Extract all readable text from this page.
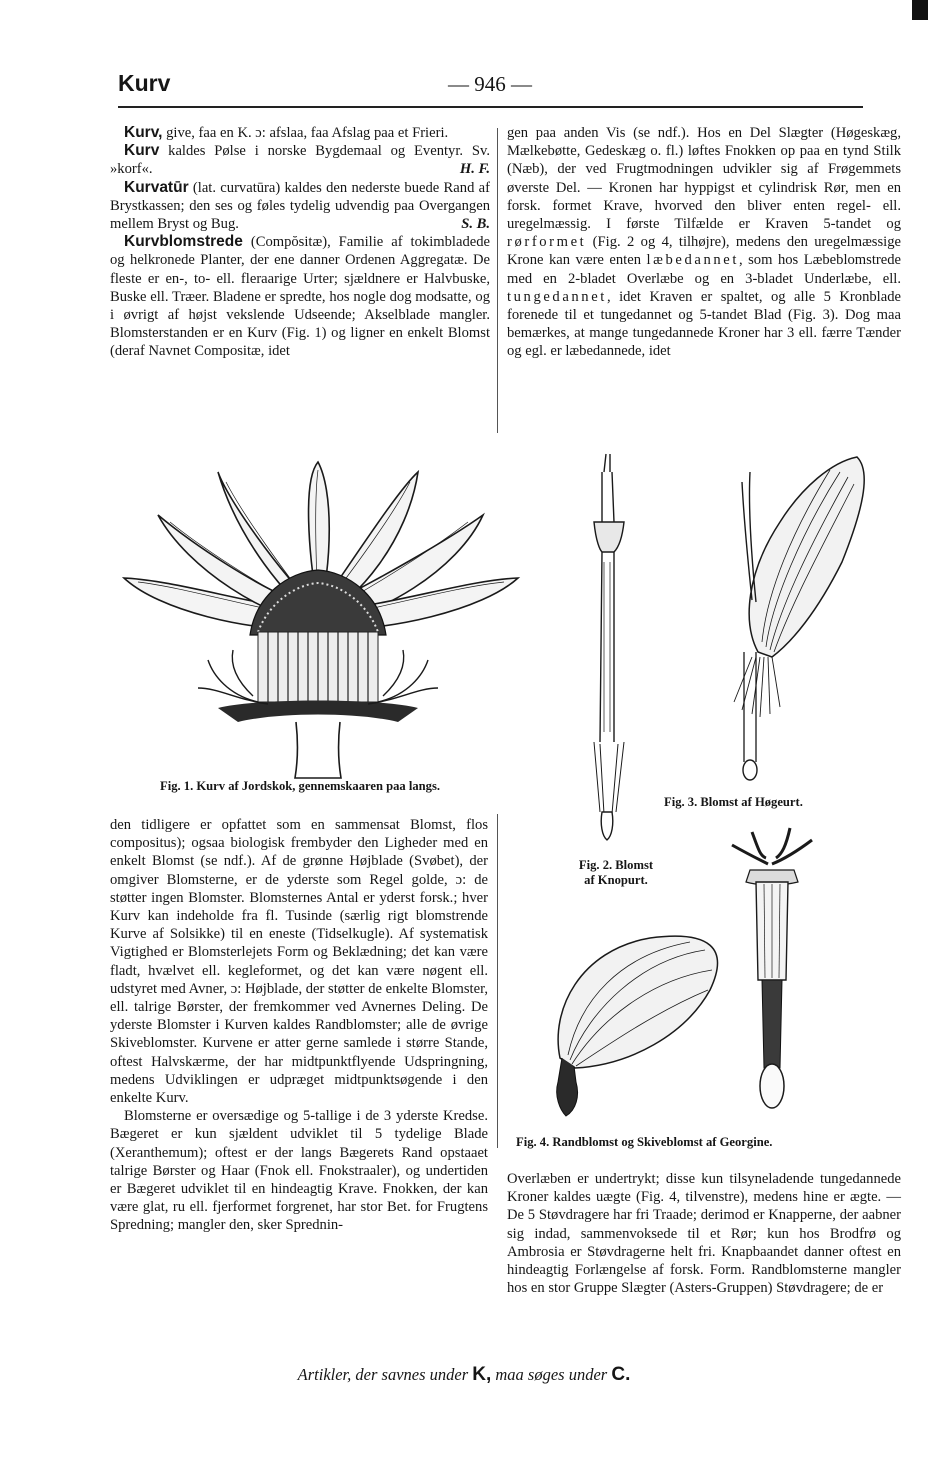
Kurv	— 946 —

Kurv, give, faa en K. ɔ: afslaa, faa Afslag paa et Frieri.

Kurv kaldes Pølse i norske Bygdemaal og Eventyr. Sv. »korf«.	H. F.

Kurvatūr (lat. curvatūra) kaldes den nederste buede Rand af Brystkassen; den ses og føles tydelig udvendig paa Overgangen mellem Bryst og Bug.	S. B.

Kurvblomstrede (Compŏsitæ), Familie af tokimbladede og helkronede Planter, der ene danner Ordenen Aggregatæ. De fleste er en-, to- ell. fleraarige Urter; sjældnere er Halvbuske, Buske ell. Træer. Bladene er spredte, hos nogle dog modsatte, og i øvrigt af højst vekslende Udseende; Akselblade mangler. Blomsterstanden er en Kurv (Fig. 1) og ligner en enkelt Blomst (deraf Navnet Compositæ, idet

gen paa anden Vis (se ndf.). Hos en Del Slægter (Høgeskæg, Mælkebøtte, Gedeskæg o. fl.) løftes Fnokken op paa en tynd Stilk (Næb), der ved Frugtmodningen udvikler sig af Frøgemmets øverste Del. — Kronen har hyppigst et cylindrisk Rør, men en forsk. formet Krave, hvorved den bliver enten regel- ell. uregelmæssig. I første Tilfælde er Kraven 5-tandet og rørformet (Fig. 2 og 4, tilhøjre), medens den uregelmæssige Krone kan være enten læbedannet, som hos Læbeblomstrede med en 2-bladet Overlæbe og en 3-bladet Underlæbe, ell. tungedannet, idet Kraven er spaltet, og alle 5 Kronblade forenede til et tungedannet og 5-tandet Blad (Fig. 3). Dog maa bemærkes, at mange tungedannede Kroner har 3 ell. færre Tænder og egl. er læbedannede, idet

Fig. 1. Kurv af Jordskok, gennemskaaren paa langs.
Fig. 2. Blomst af Knopurt.
Fig. 3. Blomst af Høgeurt.

den tidligere er opfattet som en sammensat Blomst, flos compositus); ogsaa biologisk frembyder den Ligheder med en enkelt Blomst (se ndf.). Af de grønne Højblade (Svøbet), der omgiver Blomsterne, er de yderste som Regel golde, ɔ: de støtter ingen Blomster. Blomsternes Antal er yderst forsk.; hver Kurv kan indeholde fra fl. Tusinde (særlig rigt blomstrende Kurve af Solsikke) til en eneste (Tidselkugle). Af systematisk Vigtighed er Blomsterlejets Form og Beklædning; det kan være fladt, hvælvet ell. kegleformet, og det kan være nøgent ell. udstyret med Avner, ɔ: Højblade, der støtter de enkelte Blomster, ell. talrige Børster, der fremkommer ved Avnernes Deling. De yderste Blomster i Kurven kaldes Randblomster; alle de øvrige Skiveblomster. Kurvene er atter gerne samlede i større Stande, oftest Halvskærme, der har midtpunktflyende Udspringning, medens Udviklingen er udpræget midtpunktsøgende i den enkelte Kurv.

Blomsterne er oversædige og 5-tallige i de 3 yderste Kredse. Bægeret er kun sjældent udviklet til 5 tydelige Blade (Xeranthemum); oftest er der langs Bægerets Rand opstaaet talrige Børster og Haar (Fnok ell. Fnokstraaler), og undertiden er Bægeret udviklet til en hindeagtig Krave. Fnokken, der kan være glat, ru ell. fjerformet forgrenet, har stor Bet. for Frugtens Spredning; mangler den, sker Sprednin-

Fig. 4. Randblomst og Skiveblomst af Georgine.

Overlæben er undertrykt; disse kun tilsyneladende tungedannede Kroner kaldes uægte (Fig. 4, tilvenstre), medens hine er ægte. — De 5 Støvdragere har fri Traade; derimod er Knapperne, der aabner sig indad, sammenvoksede til et Rør; kun hos Brodfrø og Ambrosia er Støvdragerne helt fri. Knapbaandet danner oftest en hindeagtig Forlængelse af forsk. Form. Randblomsterne mangler hos en stor Gruppe Slægter (Asters-Gruppen) Støvdragere; de er

Artikler, der savnes under K, maa søges under C.
